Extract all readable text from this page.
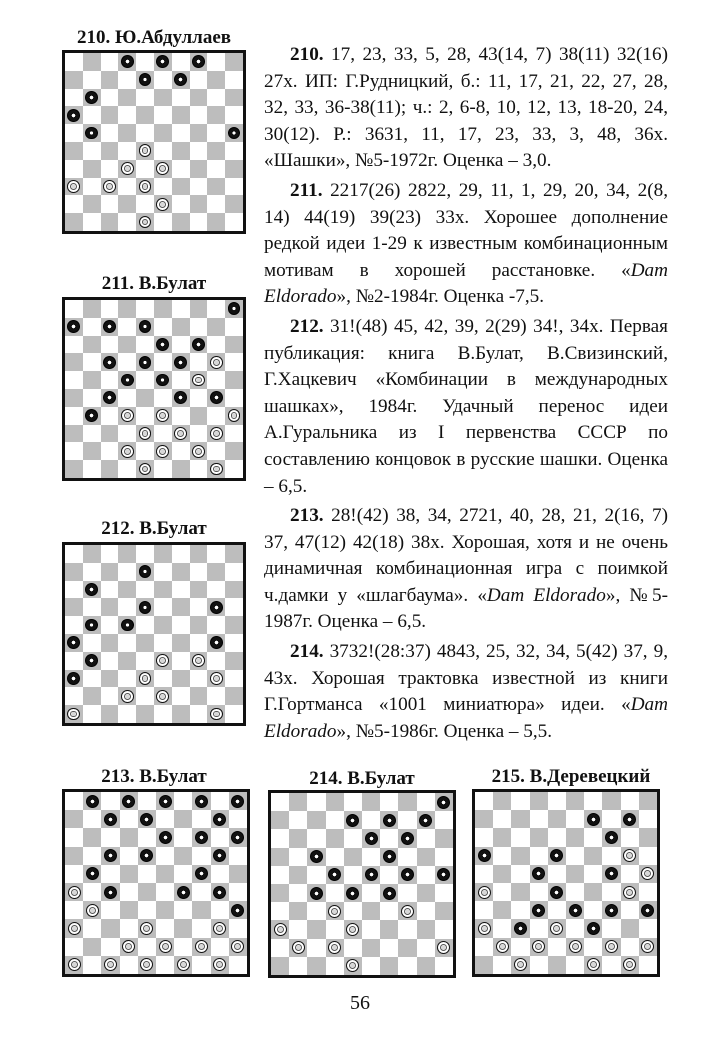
210. Ю.Абдуллаев
211. В.Булат
212. В.Булат
213. В.Булат	214. В.Булат	215. В.Деревецкий

210. 17, 23, 33, 5, 28, 43(14, 7) 38(11) 32(16) 27х. ИП: Г.Рудницкий, б.: 11, 17, 21, 22, 27, 28, 32, 33, 36-38(11); ч.: 2, 6-8, 10, 12, 13, 18-20, 24, 30(12). Р.: 3631, 11, 17, 23, 33, 3, 48, 36х. «Шашки», №5-1972г. Оценка – 3,0.

211. 2217(26) 2822, 29, 11, 1, 29, 20, 34, 2(8, 14) 44(19) 39(23) 33х. Хорошее дополнение редкой идеи 1-29 к известным комбинационным мотивам в хорошей расстановке. «Dam Eldorado», №2-1984г. Оценка -7,5.

212. 31!(48) 45, 42, 39, 2(29) 34!, 34х. Первая публикация: книга В.Булат, В.Свизинский, Г.Хацкевич «Комбинации в международных шашках», 1984г. Удачный перенос идеи А.Гуральника из I первенства СССР по составлению концовок в русские шашки. Оценка – 6,5.

213. 28!(42) 38, 34, 2721, 40, 28, 21, 2(16, 7) 37, 47(12) 42(18) 38х. Хорошая, хотя и не очень динамичная комбинационная игра с поимкой ч.дамки у «шлагбаума». «Dam Eldorado», №5-1987г. Оценка – 6,5.

214. 3732!(28:37) 4843, 25, 32, 34, 5(42) 37, 9, 43х. Хорошая трактовка известной из книги Г.Гортманса «1001 миниатюра» идеи. «Dam Eldorado», №5-1986г. Оценка – 5,5.

56
